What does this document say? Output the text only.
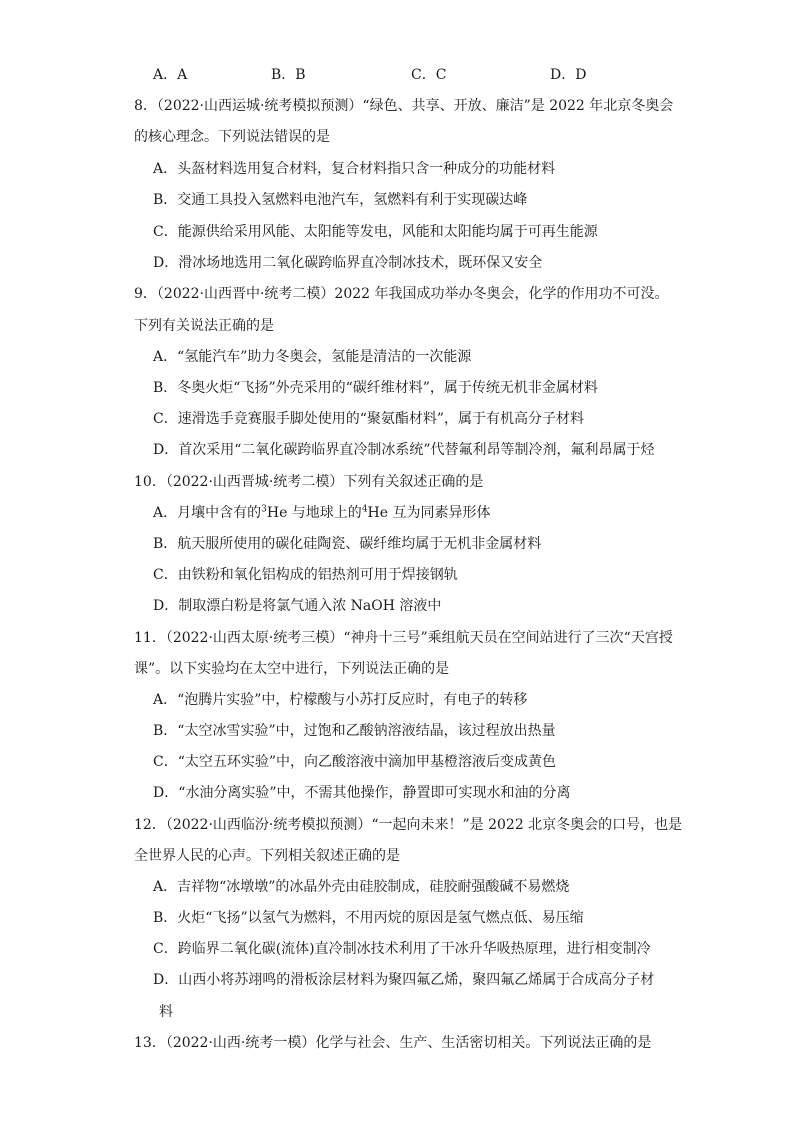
A．A	B．B	C．C	D．D
8．（2022·山西运城·统考模拟预测）“绿色、共享、开放、廉洁”是 2022 年北京冬奥会
的核心理念。下列说法错误的是
A．头盔材料选用复合材料，复合材料指只含一种成分的功能材料
B．交通工具投入氢燃料电池汽车，氢燃料有利于实现碳达峰
C．能源供给采用风能、太阳能等发电，风能和太阳能均属于可再生能源
D．滑冰场地选用二氧化碳跨临界直冷制冰技术，既环保又安全
9．（2022·山西晋中·统考二模）2022 年我国成功举办冬奥会，化学的作用功不可没。
下列有关说法正确的是
A．“氢能汽车”助力冬奥会，氢能是清洁的一次能源
B．冬奥火炬“飞扬”外壳采用的“碳纤维材料”，属于传统无机非金属材料
C．速滑选手竞赛服手脚处使用的“聚氨酯材料”，属于有机高分子材料
D．首次采用“二氧化碳跨临界直冷制冰系统”代替氟利昂等制冷剂，氟利昂属于烃
10．（2022·山西晋城·统考二模）下列有关叙述正确的是
A．月壤中含有的$^3$He 与地球上的$^4$He 互为同素异形体
B．航天服所使用的碳化硅陶瓷、碳纤维均属于无机非金属材料
C．由铁粉和氧化铝构成的铝热剂可用于焊接钢轨
D．制取漂白粉是将氯气通入浓 NaOH 溶液中
11．（2022·山西太原·统考三模）“神舟十三号”乘组航天员在空间站进行了三次“天宫授
课”。以下实验均在太空中进行，下列说法正确的是
A．“泡腾片实验”中，柠檬酸与小苏打反应时，有电子的转移
B．“太空冰雪实验”中，过饱和乙酸钠溶液结晶，该过程放出热量
C．“太空五环实验”中，向乙酸溶液中滴加甲基橙溶液后变成黄色
D．“水油分离实验”中，不需其他操作，静置即可实现水和油的分离
12．（2022·山西临汾·统考模拟预测）“一起向未来！”是 2022 北京冬奥会的口号，也是
全世界人民的心声。下列相关叙述正确的是
A．吉祥物“冰墩墩”的冰晶外壳由硅胶制成，硅胶耐强酸碱不易燃烧
B．火炬“飞扬”以氢气为燃料，不用丙烷的原因是氢气燃点低、易压缩
C．跨临界二氧化碳(流体)直冷制冰技术利用了干冰升华吸热原理，进行相变制冷
D．山西小将苏翊鸣的滑板涂层材料为聚四氟乙烯，聚四氟乙烯属于合成高分子材
料
13．（2022·山西·统考一模）化学与社会、生产、生活密切相关。下列说法正确的是
